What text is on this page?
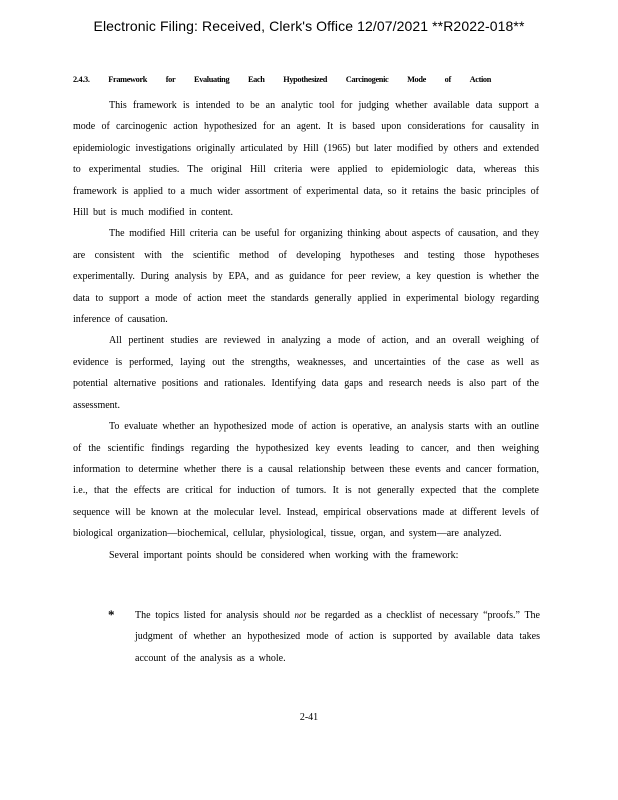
Electronic Filing: Received, Clerk's Office 12/07/2021 **R2022-018**
2.4.3. Framework for Evaluating Each Hypothesized Carcinogenic Mode of Action

This framework is intended to be an analytic tool for judging whether available data support a mode of carcinogenic action hypothesized for an agent. It is based upon considerations for causality in epidemiologic investigations originally articulated by Hill (1965) but later modified by others and extended to experimental studies. The original Hill criteria were applied to epidemiologic data, whereas this framework is applied to a much wider assortment of experimental data, so it retains the basic principles of Hill but is much modified in content.

The modified Hill criteria can be useful for organizing thinking about aspects of causation, and they are consistent with the scientific method of developing hypotheses and testing those hypotheses experimentally. During analysis by EPA, and as guidance for peer review, a key question is whether the data to support a mode of action meet the standards generally applied in experimental biology regarding inference of causation.

All pertinent studies are reviewed in analyzing a mode of action, and an overall weighing of evidence is performed, laying out the strengths, weaknesses, and uncertainties of the case as well as potential alternative positions and rationales. Identifying data gaps and research needs is also part of the assessment.

To evaluate whether an hypothesized mode of action is operative, an analysis starts with an outline of the scientific findings regarding the hypothesized key events leading to cancer, and then weighing information to determine whether there is a causal relationship between these events and cancer formation, i.e., that the effects are critical for induction of tumors. It is not generally expected that the complete sequence will be known at the molecular level. Instead, empirical observations made at different levels of biological organization—biochemical, cellular, physiological, tissue, organ, and system—are analyzed.

Several important points should be considered when working with the framework:

*	The topics listed for analysis should not be regarded as a checklist of necessary “proofs.” The judgment of whether an hypothesized mode of action is supported by available data takes account of the analysis as a whole.
2-41
